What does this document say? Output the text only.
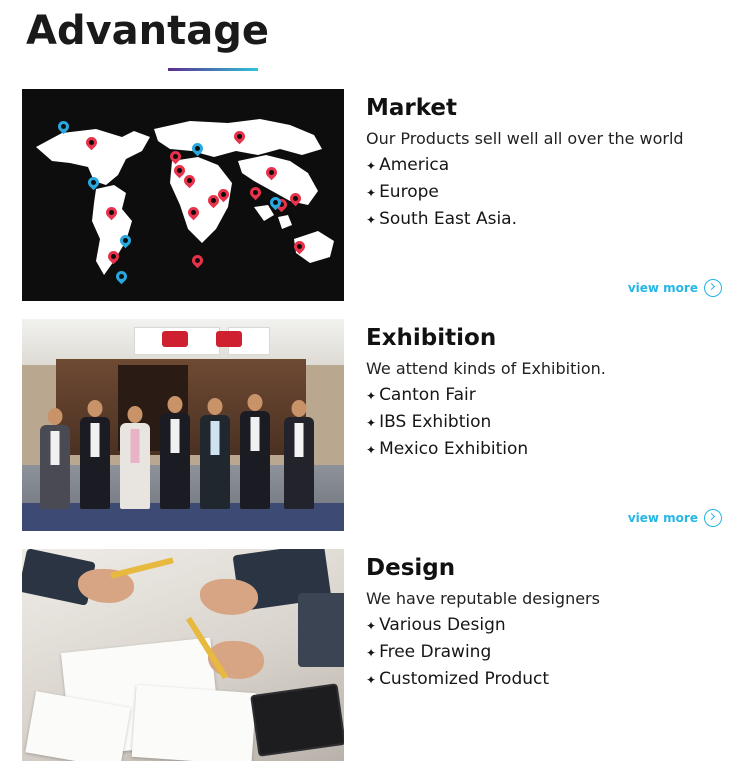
Advantage
Market
Our Products sell well all over the world
✦ America
✦ Europe
✦ South East Asia.
view more
Exhibition
We attend kinds of Exhibition.
✦ Canton Fair
✦ IBS Exhibtion
✦ Mexico Exhibition
view more
Design
We have reputable designers
✦ Various Design
✦ Free Drawing
✦ Customized Product
